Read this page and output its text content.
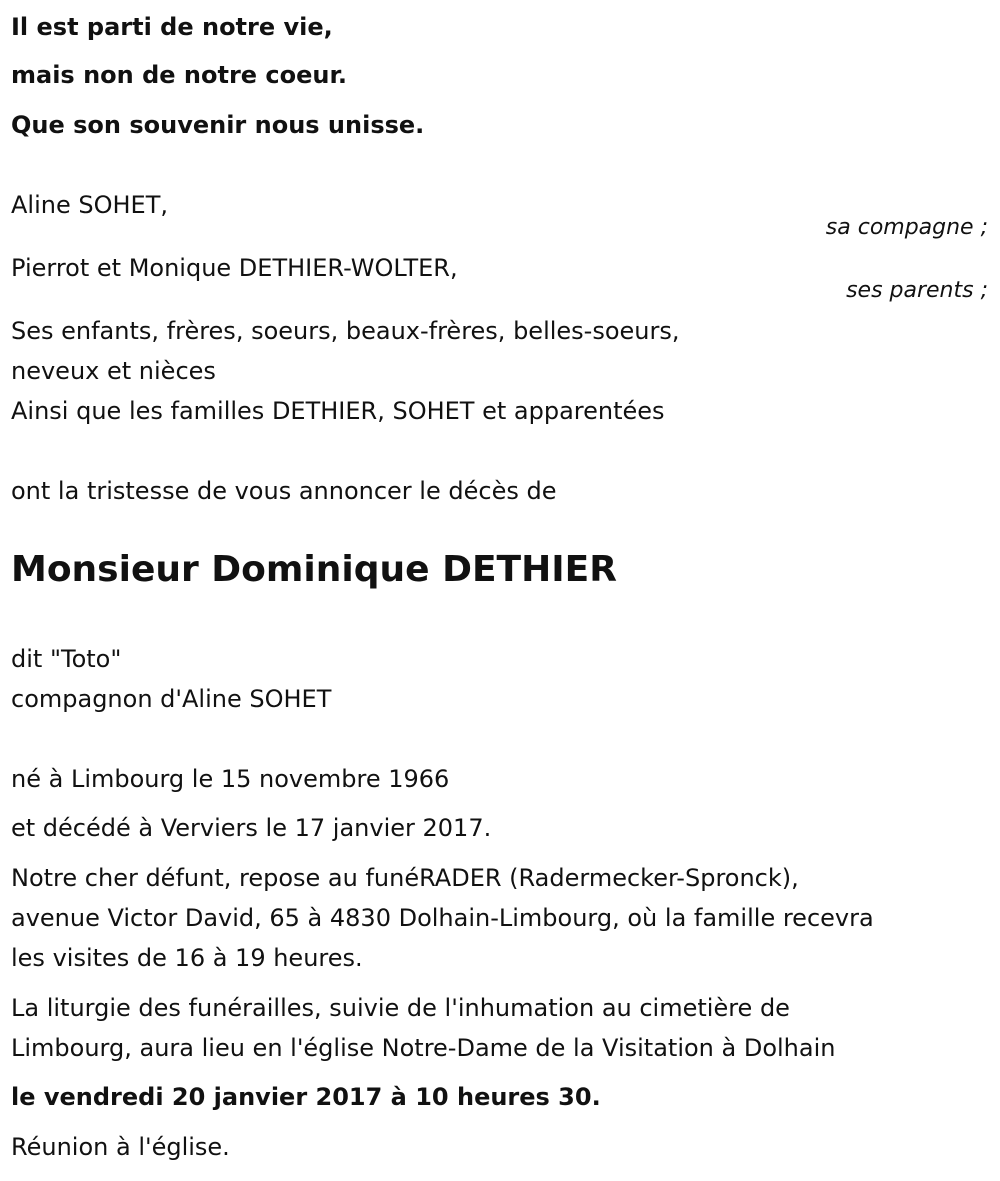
Il est parti de notre vie,
mais non de notre coeur.
Que son souvenir nous unisse.
Aline SOHET,
sa compagne ;
Pierrot et Monique DETHIER-WOLTER,
ses parents ;
Ses enfants, frères, soeurs, beaux-frères, belles-soeurs,
neveux et nièces
Ainsi que les familles DETHIER, SOHET et apparentées
ont la tristesse de vous annoncer le décès de
Monsieur Dominique DETHIER
dit "Toto"
compagnon d'Aline SOHET
né à Limbourg le 15 novembre 1966
et décédé à Verviers le 17 janvier 2017.
Notre cher défunt, repose au funéRADER (Radermecker-Spronck),
avenue Victor David, 65 à 4830 Dolhain-Limbourg, où la famille recevra
les visites de 16 à 19 heures.
La liturgie des funérailles, suivie de l'inhumation au cimetière de
Limbourg, aura lieu en l'église Notre-Dame de la Visitation à Dolhain
le vendredi 20 janvier 2017 à 10 heures 30.
Réunion à l'église.
